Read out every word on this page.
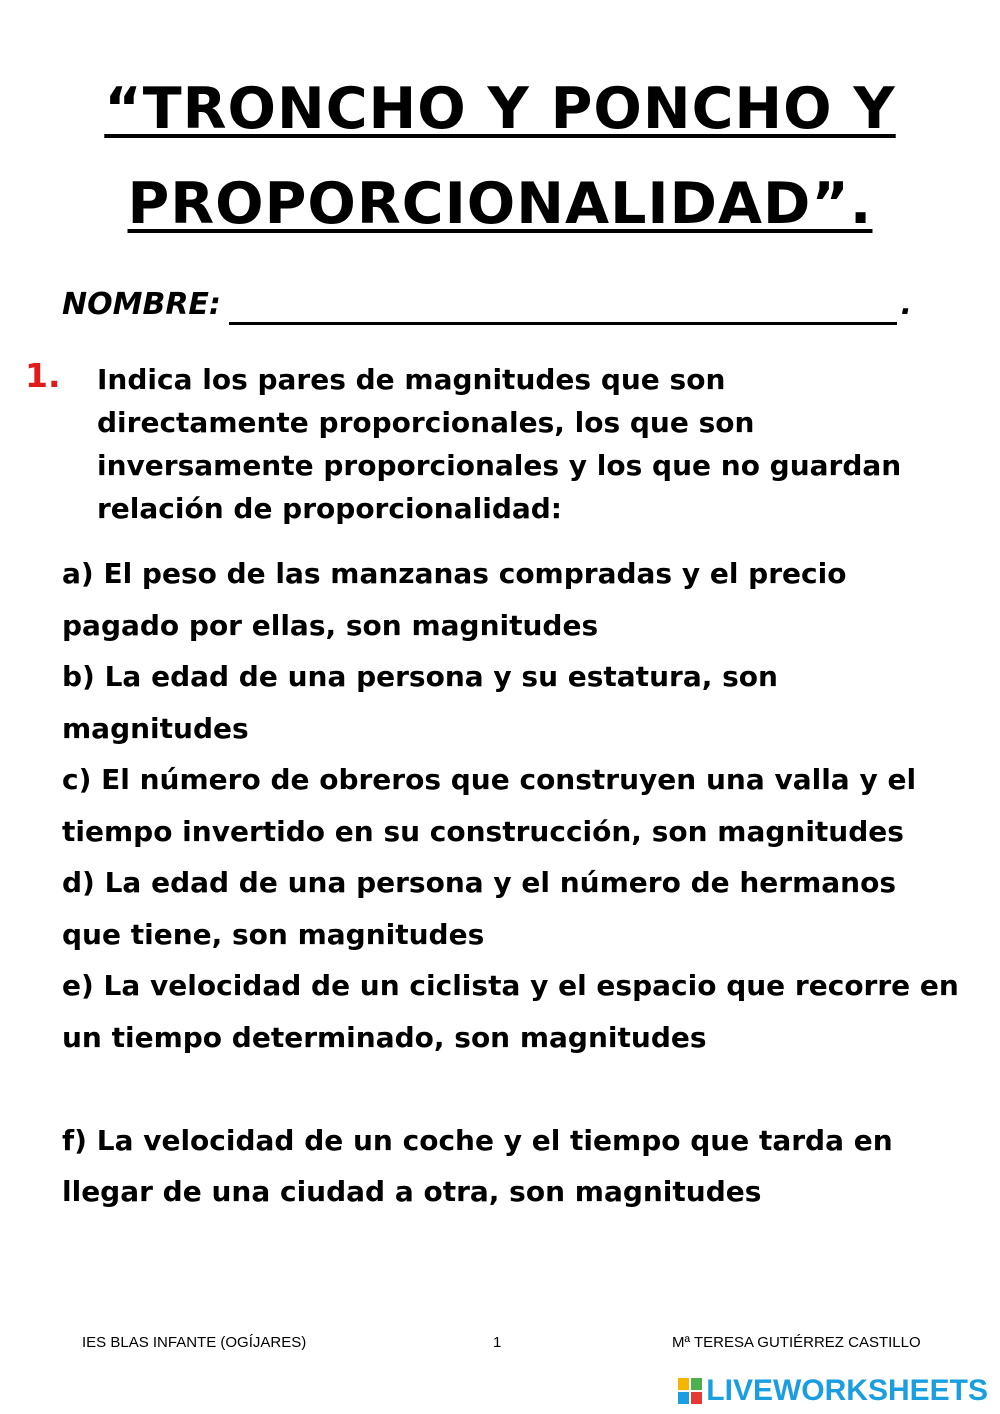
“TRONCHO Y PONCHO Y
PROPORCIONALIDAD”.
NOMBRE:	.
1. Indica los pares de magnitudes que son directamente proporcionales, los que son inversamente proporcionales y los que no guardan relación de proporcionalidad:

a) El peso de las manzanas compradas y el precio pagado por ellas, son magnitudes

b) La edad de una persona y su estatura, son magnitudes

c) El número de obreros que construyen una valla y el tiempo invertido en su construcción, son magnitudes

d) La edad de una persona y el número de hermanos que tiene, son magnitudes

e) La velocidad de un ciclista y el espacio que recorre en un tiempo determinado, son magnitudes

f) La velocidad de un coche y el tiempo que tarda en llegar de una ciudad a otra, son magnitudes

IES BLAS INFANTE (OGÍJARES)	1	Mª TERESA GUTIÉRREZ CASTILLO
LIVEWORKSHEETS
